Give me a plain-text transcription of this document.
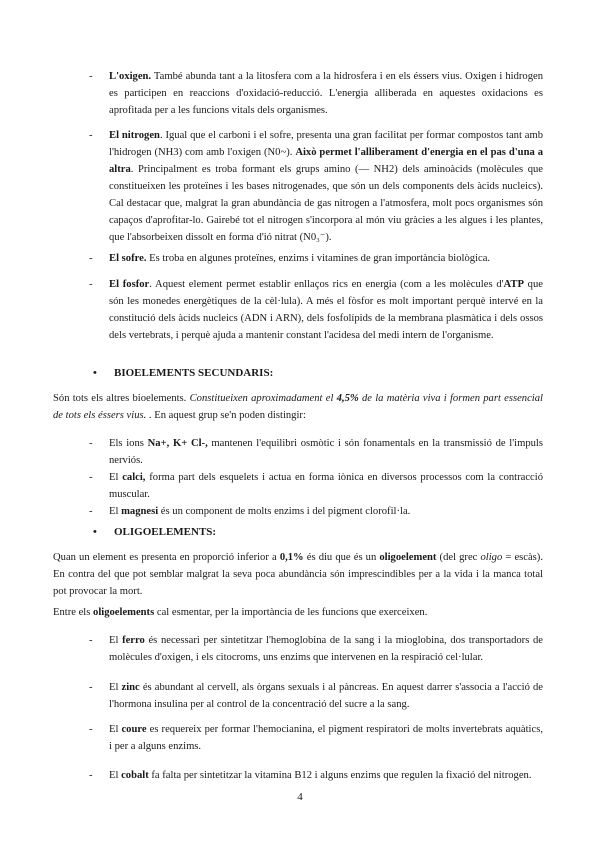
- L'oxigen. També abunda tant a la litosfera com a la hidrosfera i en els éssers vius. Oxigen i hidrogen es participen en reaccions d'oxidació-reducció. L'energia alliberada en aquestes oxidacions es aprofitada per a les funcions vitals dels organismes.
- El nitrogen. Igual que el carboni i el sofre, presenta una gran facilitat per formar compostos tant amb l'hidrogen (NH3) com amb l'oxigen (N0~). Això permet l'alliberament d'energia en el pas d'una a altra. Principalment es troba formant els grups amino (— NH2) dels aminoàcids (molècules que constitueixen les proteïnes i les bases nitrogenades, que són un dels components dels àcids nucleics). Cal destacar que, malgrat la gran abundància de gas nitrogen a l'atmosfera, molt pocs organismes són capaços d'aprofitar-lo. Gairebé tot el nitrogen s'incorpora al món viu gràcies a les algues i les plantes, que l'absorbeixen dissolt en forma d'ió nitrat (N0₃⁻).
- El sofre. Es troba en algunes proteïnes, enzims i vitamines de gran importància biològica.
- El fosfor. Aquest element permet establir enllaços rics en energia (com a les molècules d'ATP que són les monedes energètiques de la cèl·lula). A més el fòsfor es molt important perquè intervé en la constitució dels àcids nucleics (ADN i ARN), dels fosfolípids de la membrana plasmàtica i dels ossos dels vertebrats, i perquè ajuda a mantenir constant l'acidesa del medi intern de l'organisme.
• BIOELEMENTS SECUNDARIS:
Són tots els altres bioelements. Constitueixen aproximadament el 4,5% de la matèria viva i formen part essencial de tots els éssers vius. . En aquest grup se'n poden distingir:
- Els ions Na+, K+ Cl-, mantenen l'equilibri osmòtic i són fonamentals en la transmissió de l'impuls nerviós.
- El calci, forma part dels esquelets i actua en forma iònica en diversos processos com la contracció muscular.
- El magnesi és un component de molts enzims i del pigment clorofil·la.
• OLIGOELEMENTS:
Quan un element es presenta en proporció inferior a 0,1% és diu que és un oligoelement (del grec oligo = escàs). En contra del que pot semblar malgrat la seva poca abundància són imprescindibles per a la vida i la manca total pot provocar la mort.
Entre els oligoelements cal esmentar, per la importància de les funcions que exerceixen.
- El ferro és necessari per sintetitzar l'hemoglobina de la sang i la mioglobina, dos transportadors de molècules d'oxigen, i els citocroms, uns enzims que intervenen en la respiració cel·lular.
- El zinc és abundant al cervell, als òrgans sexuals i al pàncreas. En aquest darrer s'associa a l'acció de l'hormona insulina per al control de la concentració del sucre a la sang.
- El coure es requereix per formar l'hemocianina, el pigment respiratori de molts invertebrats aquàtics, i per a alguns enzims.
- El cobalt fa falta per sintetitzar la vitamina B12 i alguns enzims que regulen la fixació del nitrogen.
4
